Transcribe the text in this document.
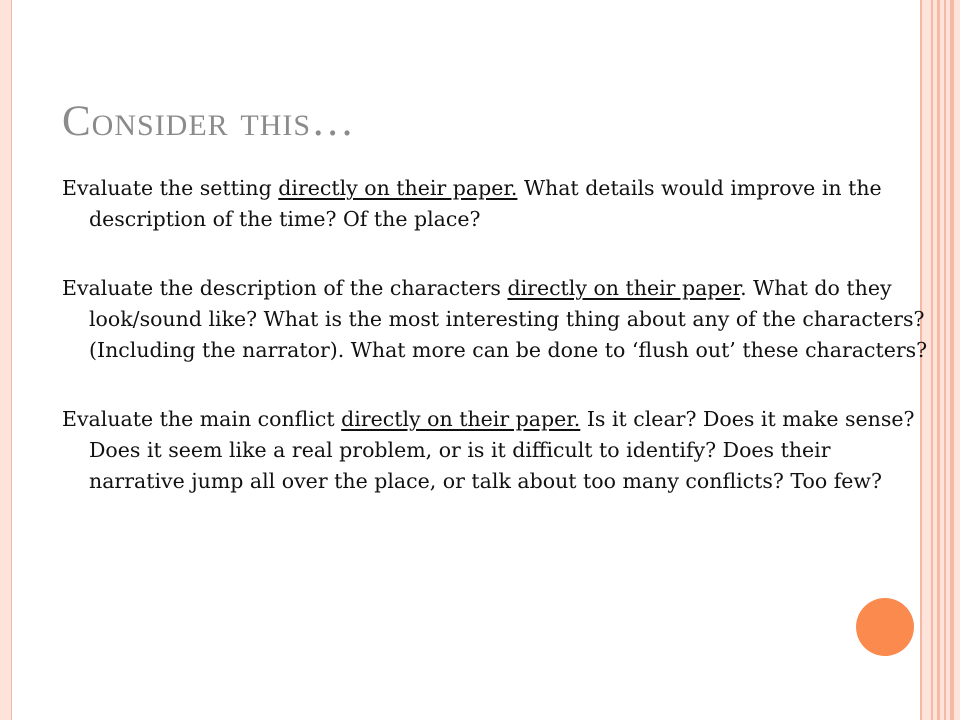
Consider this…

Evaluate the setting directly on their paper. What details would improve in the description of the time? Of the place?

Evaluate the description of the characters directly on their paper. What do they look/sound like? What is the most interesting thing about any of the characters? (Including the narrator). What more can be done to ‘flush out’ these characters?

Evaluate the main conflict directly on their paper. Is it clear? Does it make sense? Does it seem like a real problem, or is it difficult to identify? Does their narrative jump all over the place, or talk about too many conflicts? Too few?
